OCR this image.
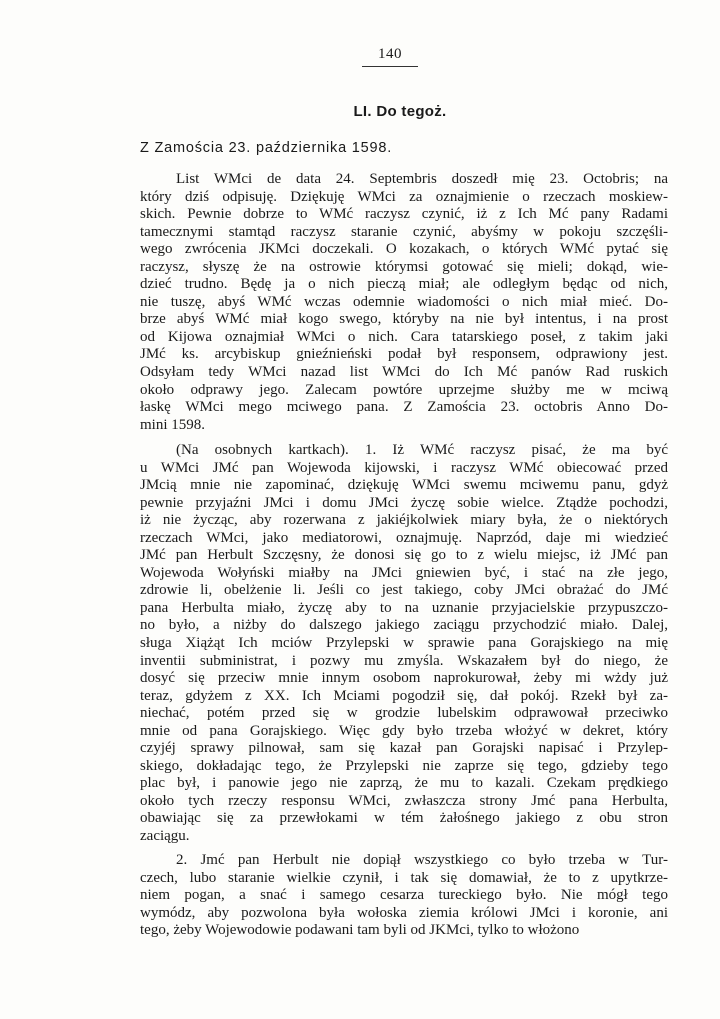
140
LI. Do tegoż.
Z Zamościa 23. października 1598.
List WMci de data 24. Septembris doszedł mię 23. Octobris; na
który dziś odpisuję. Dziękuję WMci za oznajmienie o rzeczach moskiew-
skich. Pewnie dobrze to WMć raczysz czynić, iż z Ich Mć pany Radami
tamecznymi stamtąd raczysz staranie czynić, abyśmy w pokoju szczęśli-
wego zwrócenia JKMci doczekali. O kozakach, o których WMć pytać się
raczysz, słyszę że na ostrowie którymsi gotować się mieli; dokąd, wie-
dzieć trudno. Będę ja o nich pieczą miał; ale odległym będąc od nich,
nie tuszę, abyś WMć wczas odemnie wiadomości o nich miał mieć. Do-
brze abyś WMć miał kogo swego, któryby na nie był intentus, i na prost
od Kijowa oznajmiał WMci o nich. Cara tatarskiego poseł, z takim jaki
JMć ks. arcybiskup gnieźnieński podał był responsem, odprawiony jest.
Odsyłam tedy WMci nazad list WMci do Ich Mć panów Rad ruskich
około odprawy jego. Zalecam powtóre uprzejme służby me w mciwą
łaskę WMci mego mciwego pana. Z Zamościa 23. octobris Anno Do-
mini 1598.
(Na osobnych kartkach). 1. Iż WMć raczysz pisać, że ma być
u WMci JMć pan Wojewoda kijowski, i raczysz WMć obiecować przed
JMcią mnie nie zapominać, dziękuję WMci swemu mciwemu panu, gdyż
pewnie przyjaźni JMci i domu JMci życzę sobie wielce. Ztądże pochodzi,
iż nie życząc, aby rozerwana z jakiéjkolwiek miary była, że o niektórych
rzeczach WMci, jako mediatorowi, oznajmuję. Naprzód, daje mi wiedzieć
JMć pan Herbult Szczęsny, że donosi się go to z wielu miejsc, iż JMć pan
Wojewoda Wołyński miałby na JMci gniewien być, i stać na złe jego,
zdrowie li, obelżenie li. Jeśli co jest takiego, coby JMci obrażać do JMć
pana Herbulta miało, życzę aby to na uznanie przyjacielskie przypuszczo-
no było, a niżby do dalszego jakiego zaciągu przychodzić miało. Dalej,
sługa Xiążąt Ich mciów Przylepski w sprawie pana Gorajskiego na mię
inventii subministrat, i pozwy mu zmyśla. Wskazałem był do niego, że
dosyć się przeciw mnie innym osobom naprokurował, żeby mi wżdy już
teraz, gdyżem z XX. Ich Mciami pogodził się, dał pokój. Rzekł był za-
niechać, potém przed się w grodzie lubelskim odprawował przeciwko
mnie od pana Gorajskiego. Więc gdy było trzeba włożyć w dekret, który
czyjéj sprawy pilnował, sam się kazał pan Gorajski napisać i Przylep-
skiego, dokładając tego, że Przylepski nie zaprze się tego, gdzieby tego
plac był, i panowie jego nie zaprzą, że mu to kazali. Czekam prędkiego
około tych rzeczy responsu WMci, zwłaszcza strony Jmć pana Herbulta,
obawiając się za przewłokami w tém żałośnego jakiego z obu stron
zaciągu.
2. Jmć pan Herbult nie dopiął wszystkiego co było trzeba w Tur-
czech, lubo staranie wielkie czynił, i tak się domawiał, że to z upytkrze-
niem pogan, a snać i samego cesarza tureckiego było. Nie mógł tego
wymódz, aby pozwolona była wołoska ziemia królowi JMci i koronie, ani
tego, żeby Wojewodowie podawani tam byli od JKMci, tylko to włożono
